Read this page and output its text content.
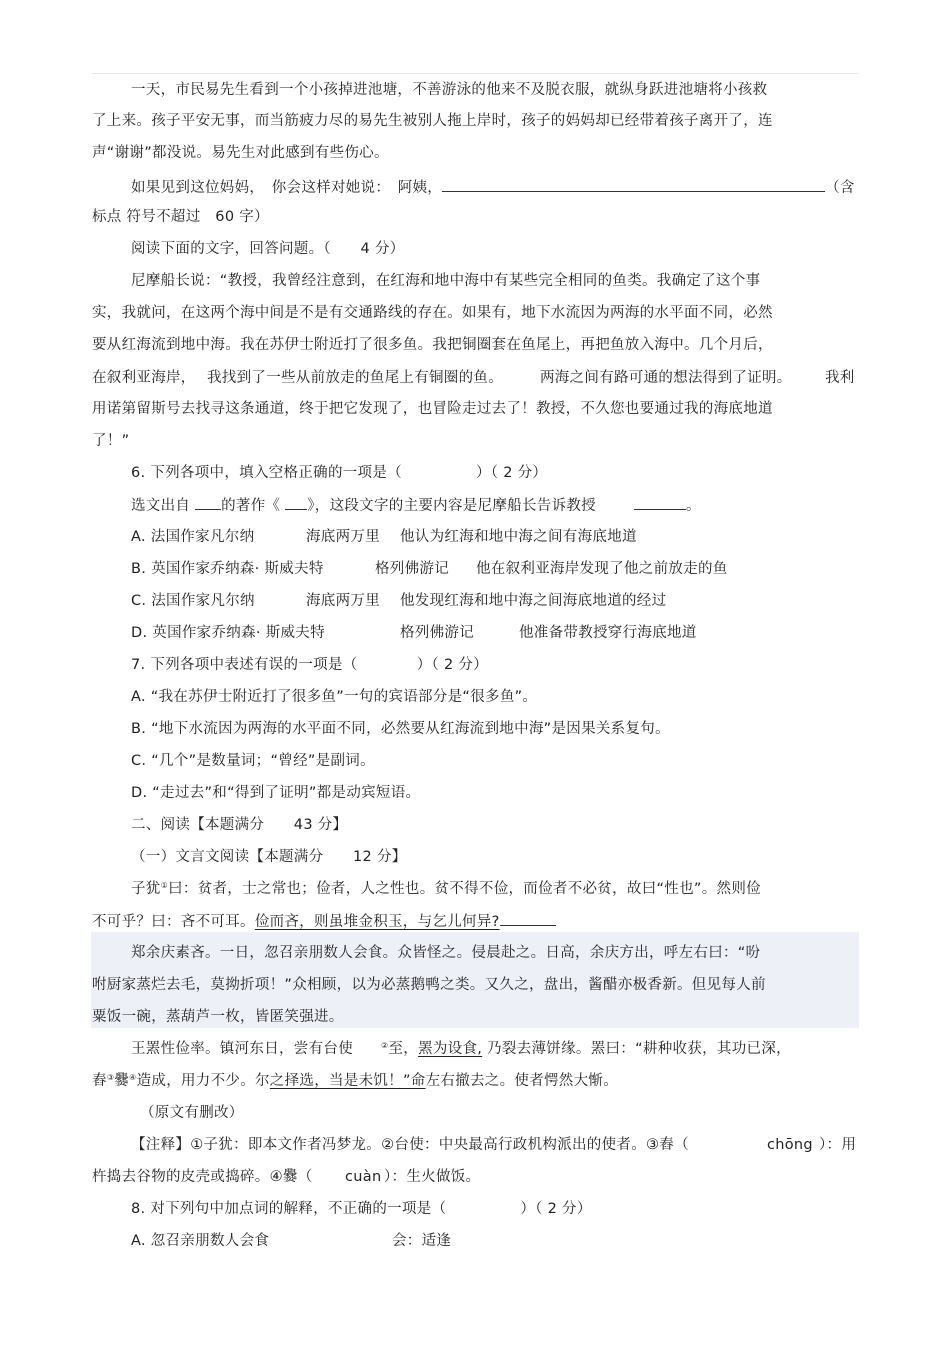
一天，市民易先生看到一个小孩掉进池塘，不善游泳的他来不及脱衣服，就纵身跃进池塘将小孩救
了上来。孩子平安无事，而当筋疲力尽的易先生被别人拖上岸时，孩子的妈妈却已经带着孩子离开了，连
声“谢谢”都没说。易先生对此感到有些伤心。
如果见到这位妈妈，　你会这样对她说：　阿姨，	（含
标点 符号不超过　60 字）
阅读下面的文字，回答问题。（　　4 分）
尼摩船长说：“教授，我曾经注意到，在红海和地中海中有某些完全相同的鱼类。我确定了这个事
实，我就问，在这两个海中间是不是有交通路线的存在。如果有，地下水流因为两海的水平面不同，必然
要从红海流到地中海。我在苏伊士附近打了很多鱼。我把铜圈套在鱼尾上，再把鱼放入海中。几个月后，
在叙利亚海岸， 我找到了一些从前放走的鱼尾上有铜圈的鱼。	两海之间有路可通的想法得到了证明。 我利
用诺第留斯号去找寻这条通道，终于把它发现了，也冒险走过去了！教授，不久您也要通过我的海底地道
了！”
6. 下列各项中，填入空格正确的一项是（　　　　　）（ 2 分）
选文出自 的著作《 》，这段文字的主要内容是尼摩船长告诉教授	。
A. 法国作家凡尔纳	海底两万里 他认为红海和地中海之间有海底地道
B. 英国作家乔纳森· 斯威夫特	格列佛游记 他在叙利亚海岸发现了他之前放走的鱼
C. 法国作家凡尔纳	海底两万里 他发现红海和地中海之间海底地道的经过
D. 英国作家乔纳森· 斯威夫特	格列佛游记	他准备带教授穿行海底地道
7. 下列各项中表述有误的一项是（　　　　）（ 2 分）
A. “我在苏伊士附近打了很多鱼”一句的宾语部分是“很多鱼”。
B. “地下水流因为两海的水平面不同，必然要从红海流到地中海”是因果关系复句。
C. “几个”是数量词；“曾经”是副词。
D. “走过去”和“得到了证明”都是动宾短语。
二、阅读【本题满分　　43 分】
（一）文言文阅读【本题满分　　12 分】
子犹①曰：贫者，士之常也；俭者，人之性也。贫不得不俭，而俭者不必贫，故曰“性也”。然则俭
不可乎？曰：吝不可耳。俭而吝，则虽堆金积玉，与乞儿何异?
郑余庆素吝。一日，忽召亲朋数人会食。众皆怪之。侵晨赴之。日高，余庆方出，呼左右曰：“吩
咐厨家蒸烂去毛，莫拗折项！”众相顾，以为必蒸鹅鸭之类。又久之，盘出，酱醋亦极香新。但见每人前
粟饭一碗，蒸葫芦一枚，皆匿笑强进。
王罴性俭率。镇河东日，尝有台使	②至，罴为设食, 乃裂去薄饼缘。罴曰：“耕种收获，其功已深，
舂③爨④造成，用力不少。尔之择选，当是未饥！”命左右撤去之。使者愕然大惭。
（原文有删改）
【注释】①子犹：即本文作者冯梦龙。②台使：中央最高行政机构派出的使者。③舂（	chōng ）：用
杵捣去谷物的皮壳或捣碎。④爨（ cuàn ）：生火做饭。
8. 对下列句中加点词的解释，不正确的一项是（　　　　　）（ 2 分）
A. 忽召亲朋数人会食	会：适逢
